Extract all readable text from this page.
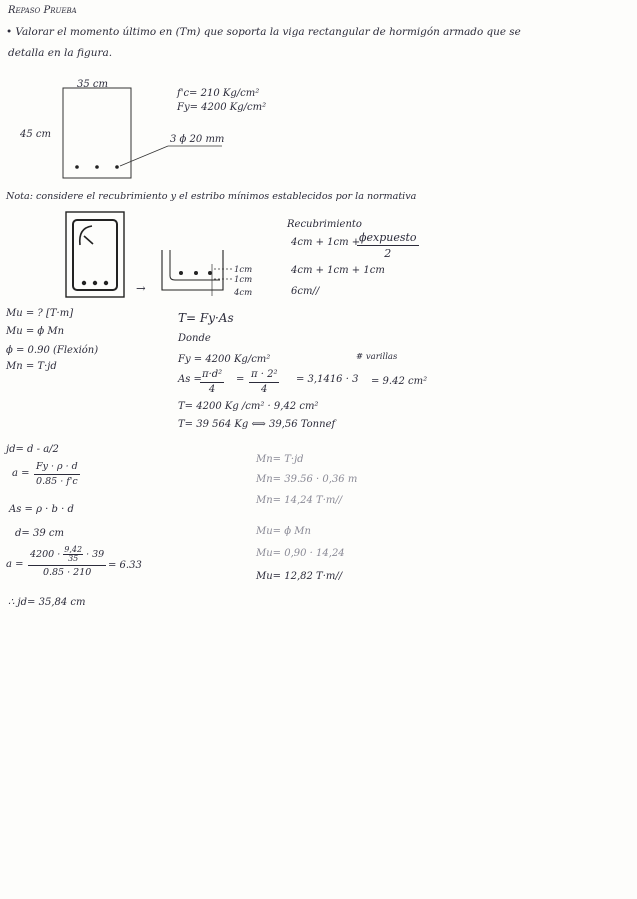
Repaso Prueba
• Valorar el momento último en (Tm) que soporta la viga rectangular de hormigón armado que se
detalla en la figura.
35 cm
45 cm
f'c= 210 Kg/cm²
Fy= 4200 Kg/cm²
3 ϕ 20 mm
Nota: considere el recubrimiento y el estribo mínimos establecidos por la normativa
1cm
1cm
4cm
→
Recubrimiento
4cm + 1cm +
ϕexpuesto
2
4cm + 1cm + 1cm
6cm//
Mu = ? [T·m]
Mu = ϕ Mn
ϕ = 0.90 (Flexión)
Mn = T·jd
T= Fy·As
Donde
Fy = 4200 Kg/cm²	# varillas
As =
$\frac{\text{π·d²}}{4} = \frac{\text{π · 2²}}{4} = 3,1416 \cdot 3 = 9.42$ cm²
T= 4200 Kg /cm² · 9,42 cm²
T= 39 564 Kg ⟺ 39,56 Tonnef
jd= d - a/2
$a = \frac{Fy \cdot \rho \cdot d}{0.85 \cdot f'c}$
As = ρ · b · d
d= 39 cm
$a = \frac{4200 \cdot \frac{9,42}{35} \cdot 39}{0.85 \cdot 210} = 6.33$
∴ jd= 35,84 cm
Mn= T·jd
Mn= 39.56 · 0,36 m
Mn= 14,24 T·m//
Mu= ϕ Mn
Mu= 0,90 · 14,24
Mu= 12,82 T·m//
